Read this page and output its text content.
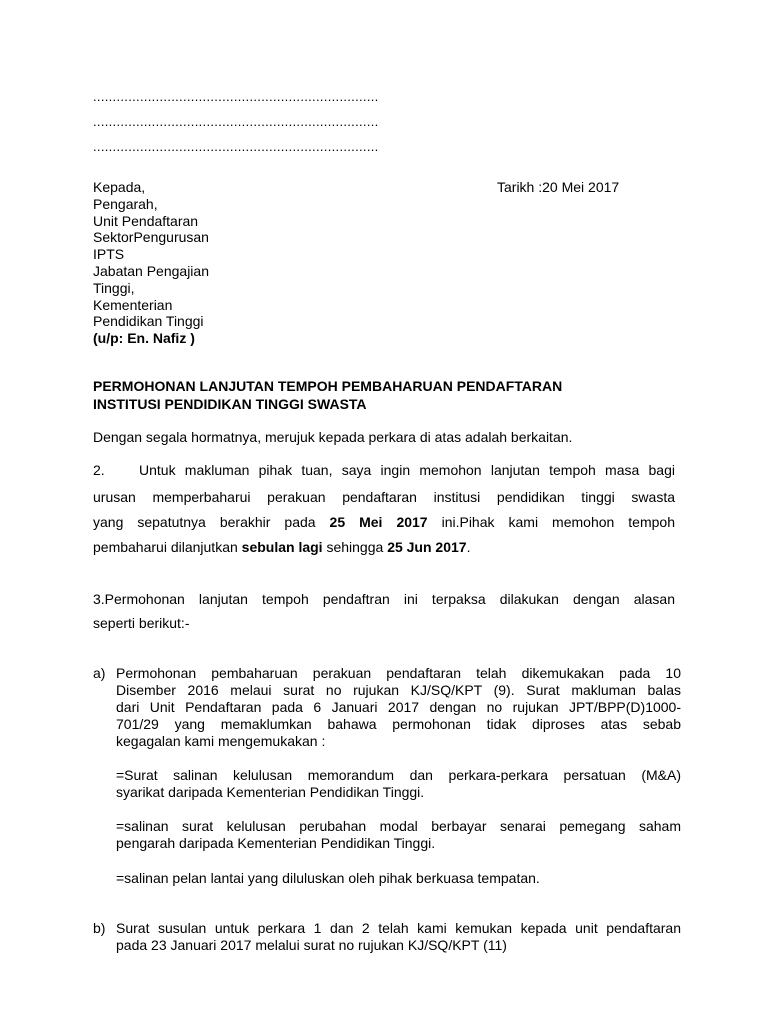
.........................................................................
.........................................................................
.........................................................................
Tarikh :20 Mei 2017
Kepada,
Pengarah,
Unit Pendaftaran
SektorPengurusan
IPTS
Jabatan Pengajian
Tinggi,
Kementerian
Pendidikan Tinggi
(u/p: En. Nafiz )
PERMOHONAN LANJUTAN TEMPOH PEMBAHARUAN PENDAFTARAN
INSTITUSI PENDIDIKAN TINGGI SWASTA
Dengan segala hormatnya, merujuk kepada perkara di atas adalah berkaitan.
2. Untuk makluman pihak tuan, saya ingin memohon lanjutan tempoh masa bagi
urusan memperbaharui perakuan pendaftaran institusi pendidikan tinggi swasta
yang sepatutnya berakhir pada 25 Mei 2017 ini.Pihak kami memohon tempoh
pembaharui dilanjutkan sebulan lagi sehingga 25 Jun 2017.
3.Permohonan lanjutan tempoh pendaftran ini terpaksa dilakukan dengan alasan
seperti berikut:-
a) Permohonan pembaharuan perakuan pendaftaran telah dikemukakan pada 10
Disember 2016 melaui surat no rujukan KJ/SQ/KPT (9). Surat makluman balas
dari Unit Pendaftaran pada 6 Januari 2017 dengan no rujukan JPT/BPP(D)1000-
701/29 yang memaklumkan bahawa permohonan tidak diproses atas sebab
kegagalan kami mengemukakan :
=Surat salinan kelulusan memorandum dan perkara-perkara persatuan (M&A)
syarikat daripada Kementerian Pendidikan Tinggi.
=salinan surat kelulusan perubahan modal berbayar senarai pemegang saham
pengarah daripada Kementerian Pendidikan Tinggi.
=salinan pelan lantai yang diluluskan oleh pihak berkuasa tempatan.
b) Surat susulan untuk perkara 1 dan 2 telah kami kemukan kepada unit pendaftaran
pada 23 Januari 2017 melalui surat no rujukan KJ/SQ/KPT (11)
